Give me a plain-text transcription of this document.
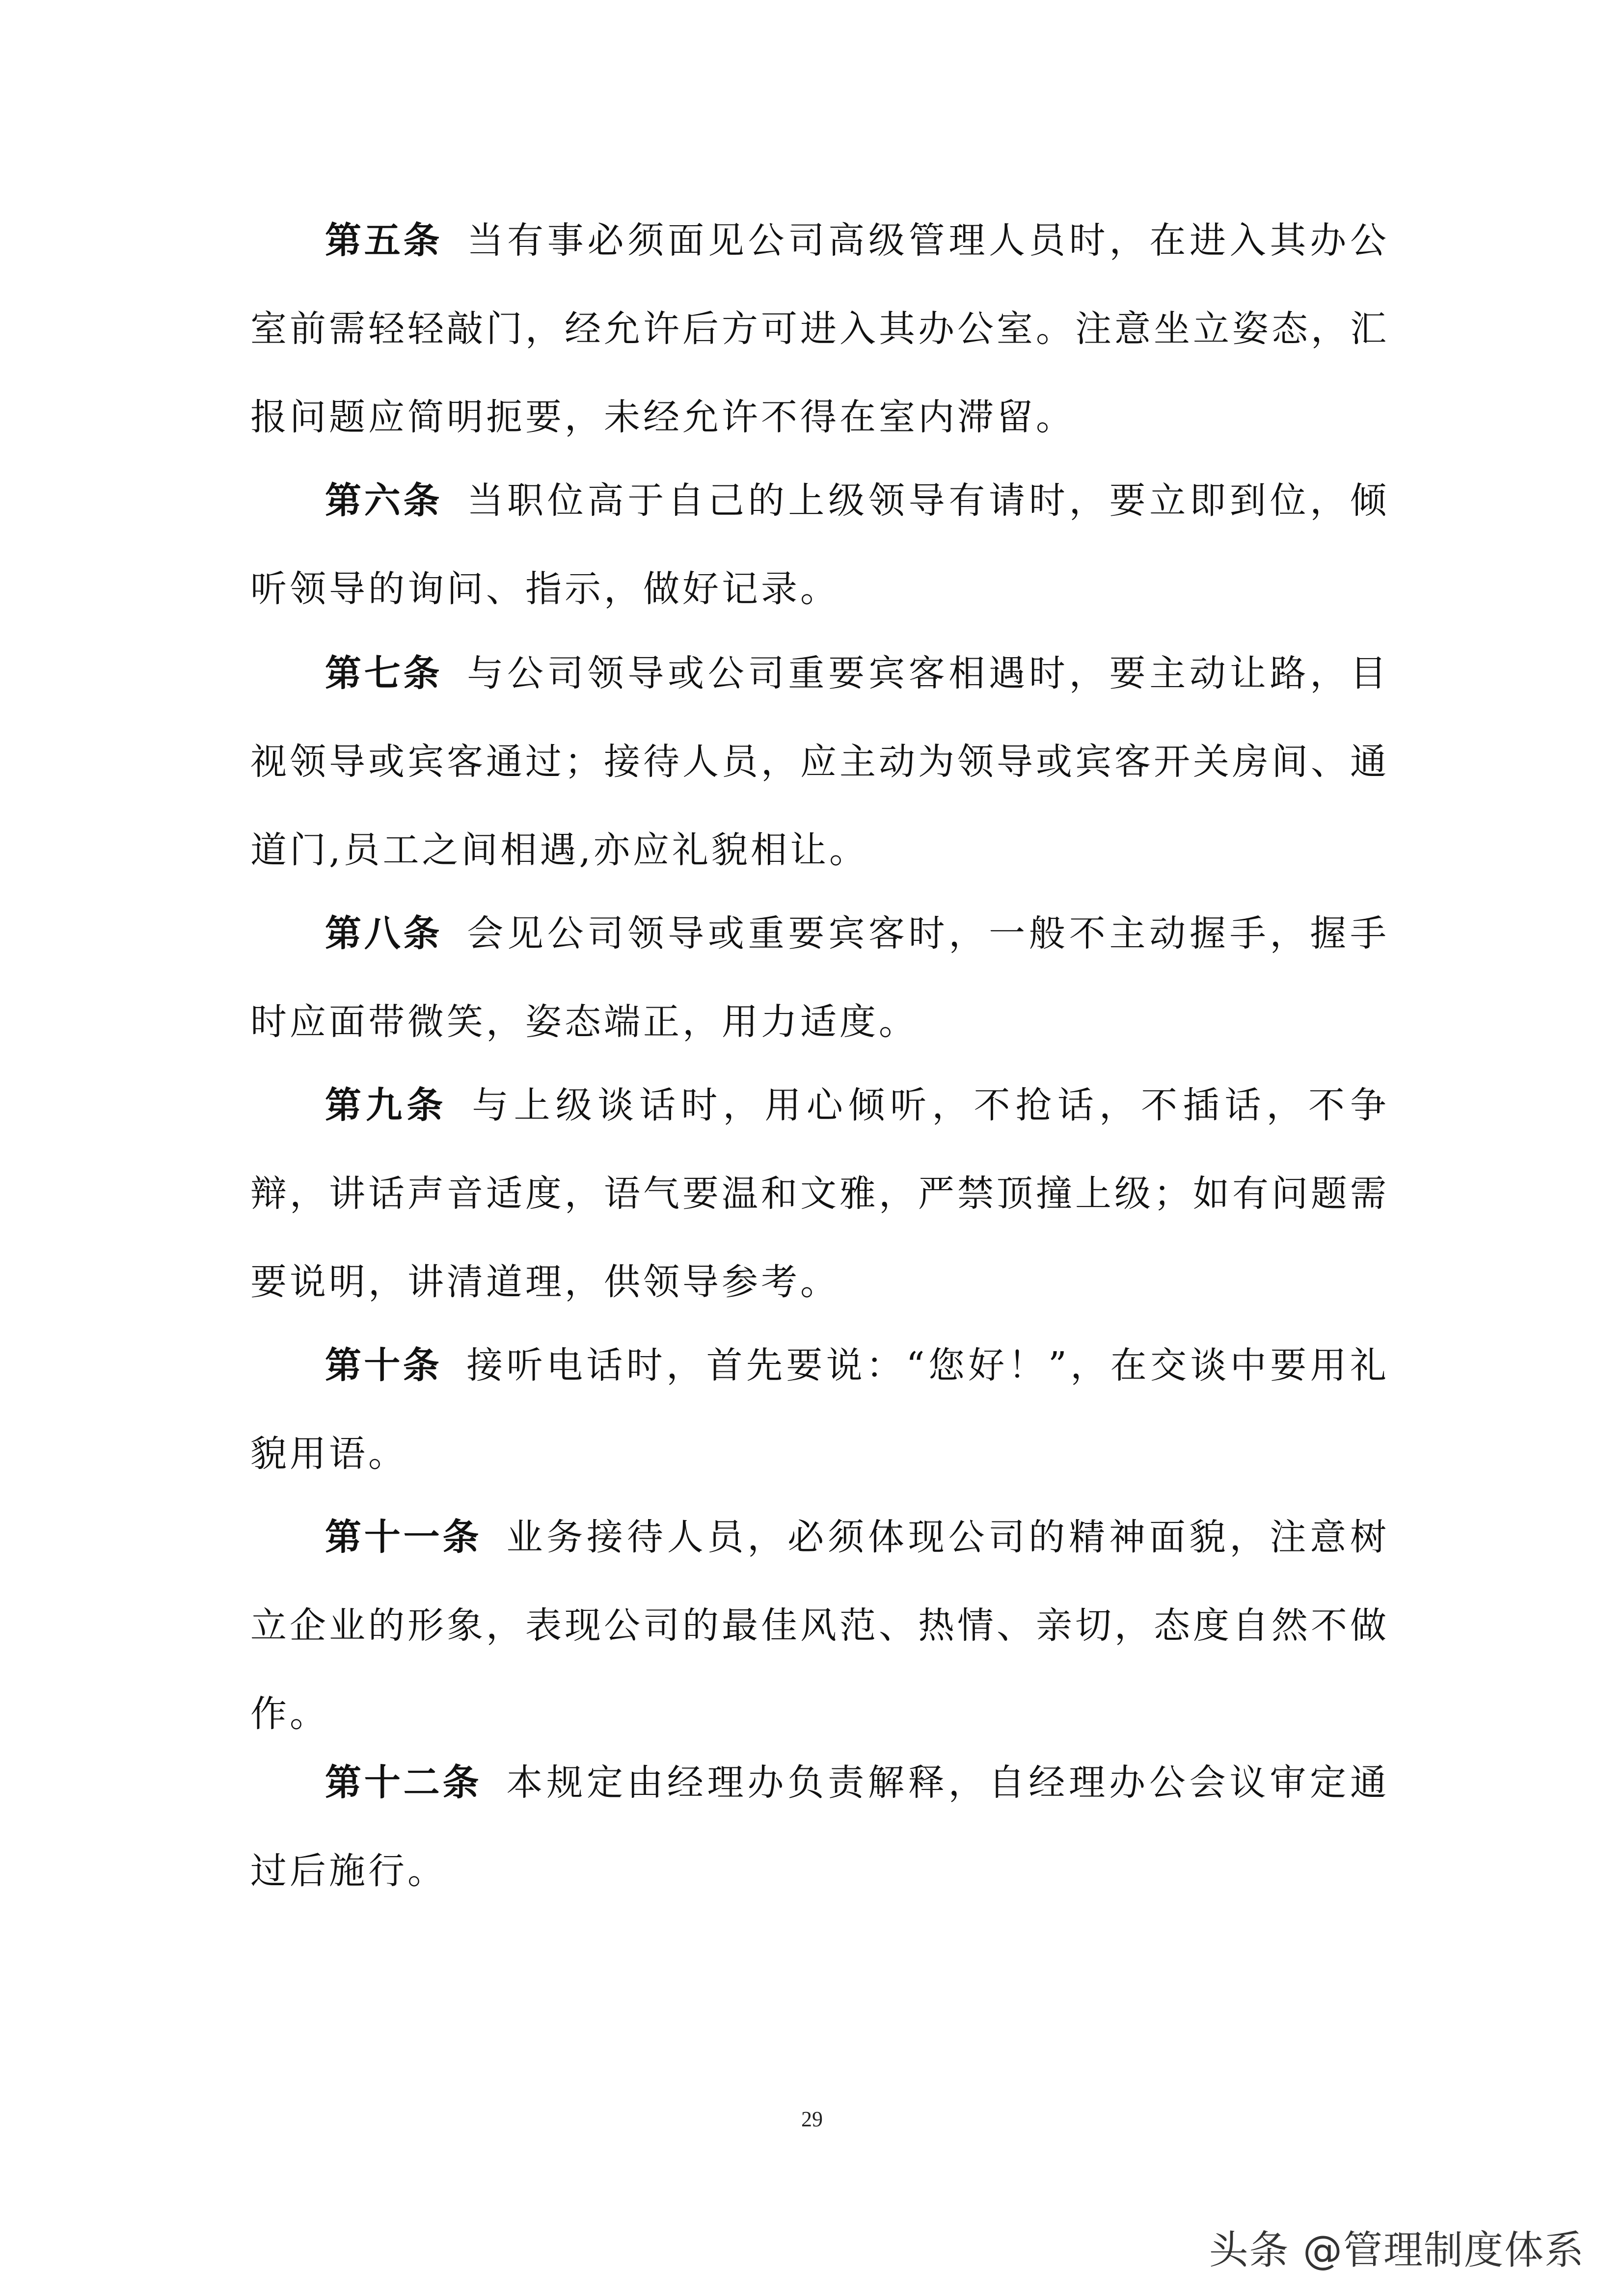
第五条 当有事必须面见公司高级管理人员时，在进入其办公室前需轻轻敲门，经允许后方可进入其办公室。注意坐立姿态，汇报问题应简明扼要，未经允许不得在室内滞留。

第六条 当职位高于自己的上级领导有请时，要立即到位，倾听领导的询问、指示，做好记录。

第七条 与公司领导或公司重要宾客相遇时，要主动让路，目视领导或宾客通过；接待人员，应主动为领导或宾客开关房间、通道门,员工之间相遇,亦应礼貌相让。

第八条 会见公司领导或重要宾客时，一般不主动握手，握手时应面带微笑，姿态端正，用力适度。

第九条 与上级谈话时，用心倾听，不抢话，不插话，不争辩，讲话声音适度，语气要温和文雅，严禁顶撞上级；如有问题需要说明，讲清道理，供领导参考。

第十条 接听电话时，首先要说：“您好！”，在交谈中要用礼貌用语。

第十一条 业务接待人员，必须体现公司的精神面貌，注意树立企业的形象，表现公司的最佳风范、热情、亲切，态度自然不做作。

第十二条 本规定由经理办负责解释，自经理办公会议审定通过后施行。

29
头条 @管理制度体系
